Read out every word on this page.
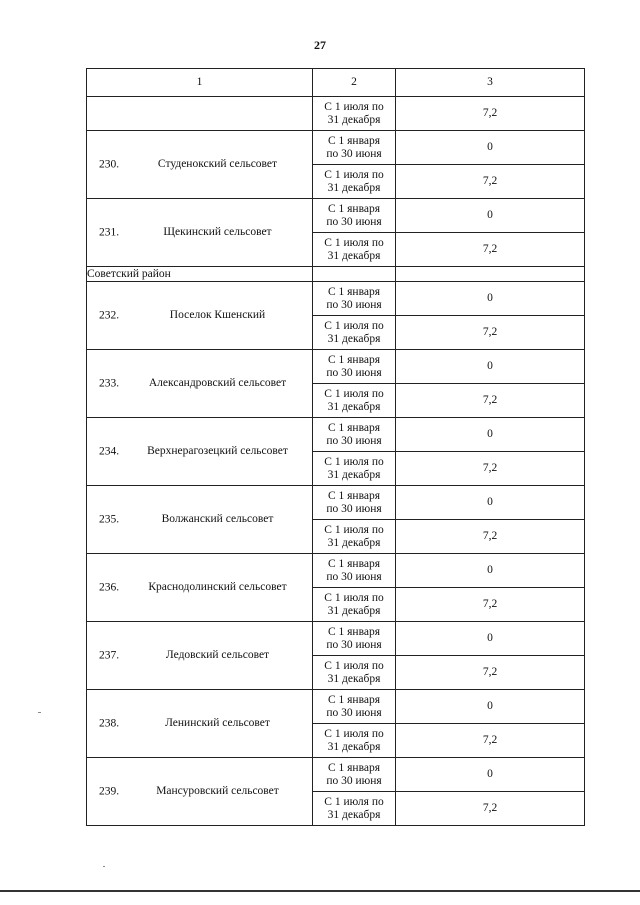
27
1	2	3

	С 1 июля по
31 декабря	7,2

230. Студенокский сельсовет	С 1 января
по 30 июня	0

	С 1 июля по
31 декабря	7,2

231. Щекинский сельсовет	С 1 января
по 30 июня	0

	С 1 июля по
31 декабря	7,2
Советский район		

232. Поселок Кшенский	С 1 января
по 30 июня	0

	С 1 июля по
31 декабря	7,2

233. Александровский сельсовет	С 1 января
по 30 июня	0

	С 1 июля по
31 декабря	7,2

234. Верхнерагозецкий сельсовет	С 1 января
по 30 июня	0

	С 1 июля по
31 декабря	7,2

235. Волжанский сельсовет	С 1 января
по 30 июня	0

	С 1 июля по
31 декабря	7,2

236. Краснодолинский сельсовет	С 1 января
по 30 июня	0

	С 1 июля по
31 декабря	7,2

237. Ледовский сельсовет	С 1 января
по 30 июня	0

	С 1 июля по
31 декабря	7,2

238. Ленинский сельсовет	С 1 января
по 30 июня	0

	С 1 июля по
31 декабря	7,2

239. Мансуровский сельсовет	С 1 января
по 30 июня	0

	С 1 июля по
31 декабря	7,2
